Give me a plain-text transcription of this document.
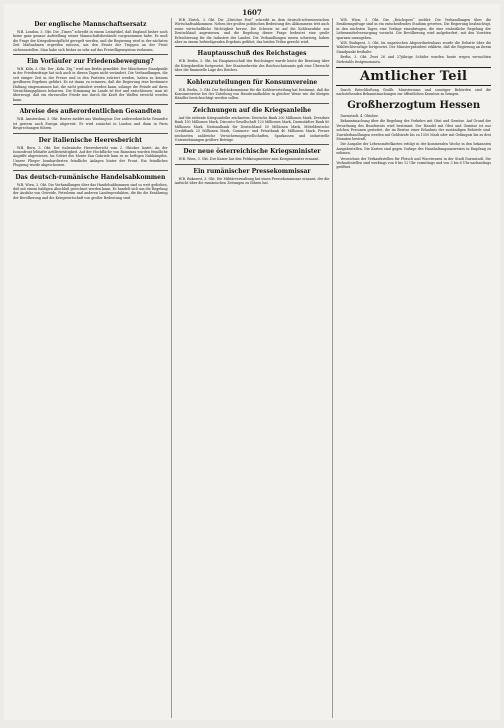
1607
Der englische Mannschaftsersatz

W.B. London, 3. Okt. Die „Times“ schreibt in einem Leitartikel, daß England bisher noch keine ganz genaue Aufstellung seiner Mannschaftsbestände vorgenommen habe. Es muß die Frage der Kriegsdienstpflicht geregelt werden, und die Regierung wird in der nächsten Zeit Maßnahmen ergreifen müssen, um den Ersatz der Truppen an der Front sicherzustellen. Man habe sich bisher zu sehr auf das Freiwilligensystem verlassen.

Ein Vorläufer zur Friedensbewegung?

W.B. Köln, 3. Okt. Der „Köln. Ztg.“ wird aus Berlin gemeldet: Der Münchener Standpunkt in der Friedensfrage hat sich auch in diesen Tagen nicht verändert. Die Verhandlungen, die seit einiger Zeit in der Presse und in den Parteien erörtert werden, haben zu keinem greifbaren Ergebnis geführt. Es ist daran zu erinnern, daß die Regierung eine bestimmte Haltung eingenommen hat, die nicht geändert werden kann, solange die Feinde auf ihren Vernichtungsplänen beharren. Die Stimmung im Lande ist fest und entschlossen; man ist überzeugt, daß ein ehrenvoller Friede nur durch die Kraft der Waffen erreicht werden kann.

Abreise des außerordentlichen Gesandten

W.B. Amsterdam, 3. Okt. Reuter meldet aus Washington: Der außerordentliche Gesandte ist gestern nach Europa abgereist. Er wird zunächst in London und dann in Paris Besprechungen führen.

Der italienische Heeresbericht

W.B. Bern, 3. Okt. Der italienische Heeresbericht vom 2. Oktober lautet: An der Isonzofront lebhafte Artillerietätigkeit. Auf der Hochfläche von Bainsizza wurden feindliche Angriffe abgewiesen. Im Gebiet des Monte San Gabriele kam es zu heftigen Nahkämpfen. Unsere Flieger bombardierten feindliche Anlagen hinter der Front. Ein feindliches Flugzeug wurde abgeschossen.

Das deutsch-rumänische Handelsabkommen

W.B. Wien, 3. Okt. Die Verhandlungen über das Handelsabkommen sind so weit gediehen, daß mit einem baldigen Abschluß gerechnet werden kann. Es handelt sich um die Regelung der Ausfuhr von Getreide, Petroleum und anderen Landesprodukten, die für die Ernährung der Bevölkerung und die Kriegswirtschaft von großer Bedeutung sind.

W.B. Zürich, 3. Okt. Die „Züricher Post“ schreibt zu dem deutsch-schweizerischen Wirtschaftsabkommen: Neben der großen politischen Bedeutung des Abkommens tritt auch seine wirtschaftliche Wichtigkeit hervor. Die Schweiz ist auf die Kohlenzufuhr aus Deutschland angewiesen, und die Regelung dieser Frage bedeutet eine große Erleichterung für die Industrie des Landes. Die Verhandlungen waren schwierig, haben aber zu einem befriedigenden Ergebnis geführt, das beiden Teilen gerecht wird.

Hauptausschuß des Reichstages

W.B. Berlin, 3. Okt. Im Hauptausschuß des Reichstages wurde heute die Beratung über die Kriegskredite fortgesetzt. Der Staatssekretär des Reichsschatzamts gab eine Übersicht über die finanzielle Lage des Reiches.

Kohlenzuteilungen für Konsumvereine

W.B. Berlin, 3. Okt. Der Reichskommissar für die Kohlenverteilung hat bestimmt, daß die Konsumvereine bei der Zuteilung von Hausbrandkohlen in gleicher Weise wie die übrigen Händler berücksichtigt werden sollen.

Zeichnungen auf die Kriegsanleihe

Auf die siebente Kriegsanleihe zeichneten: Deutsche Bank 200 Millionen Mark, Dresdner Bank 150 Millionen Mark, Disconto-Gesellschaft 120 Millionen Mark, Darmstädter Bank 80 Millionen Mark, Nationalbank für Deutschland 50 Millionen Mark, Mitteldeutsche Creditbank 25 Millionen Mark, Commerz- und Privatbank 40 Millionen Mark. Ferner zeichneten zahlreiche Versicherungsgesellschaften, Sparkassen und industrielle Unternehmungen größere Beträge.

Der neue österreichische Kriegsminister

W.B. Wien, 3. Okt. Der Kaiser hat den Feldzeugmeister zum Kriegsminister ernannt.

Ein rumänischer Pressekommissar

W.B. Bukarest, 3. Okt. Die Militärverwaltung hat einen Pressekommissar ernannt, der die Aufsicht über die rumänischen Zeitungen zu führen hat.

W.B. Wien, 3. Okt. Die „Reichspost“ meldet: Die Verhandlungen über die Ernährungsfrage sind in ein entscheidendes Stadium getreten. Die Regierung beabsichtigt, in den nächsten Tagen eine Vorlage einzubringen, die eine einheitliche Regelung der Lebensmittelversorgung vorsieht. Die Bevölkerung wird aufgefordert, mit den Vorräten sparsam umzugehen.

W.B. Budapest, 3. Okt. Im ungarischen Abgeordnetenhaus wurde die Debatte über die Wahlrechtsvorlage fortgesetzt. Der Ministerpräsident erklärte, daß die Regierung an ihrem Standpunkt festhalte.

Berlin, 3. Okt. Zwei 26 und 27jährige Schüler wurden heute wegen versuchten Diebstahls festgenommen.

Amtlicher Teil

Durch Entschließung Großh. Ministeriums und sonstiger Behörden sind die nachstehenden Bekanntmachungen zur öffentlichen Kenntnis zu bringen.

Großherzogtum Hessen

Darmstadt, 4. Oktober.

Bekanntmachung über die Regelung des Verkehrs mit Obst und Gemüse. Auf Grund der Verordnung des Bundesrats wird bestimmt: Der Handel mit Obst und Gemüse ist nur solchen Personen gestattet, die im Besitze einer Erlaubnis der zuständigen Behörde sind. Zuwiderhandlungen werden mit Geldstrafe bis zu 1500 Mark oder mit Gefängnis bis zu drei Monaten bestraft.

Die Ausgabe der Lebensmittelkarten erfolgt in der kommenden Woche in den bekannten Ausgabestellen. Die Karten sind gegen Vorlage des Haushaltungsausweises in Empfang zu nehmen.

Verzeichnis der Verkaufsstellen für Fleisch und Wurstwaren in der Stadt Darmstadt. Die Verkaufsstellen sind werktags von 8 bis 12 Uhr vormittags und von 3 bis 6 Uhr nachmittags geöffnet.
